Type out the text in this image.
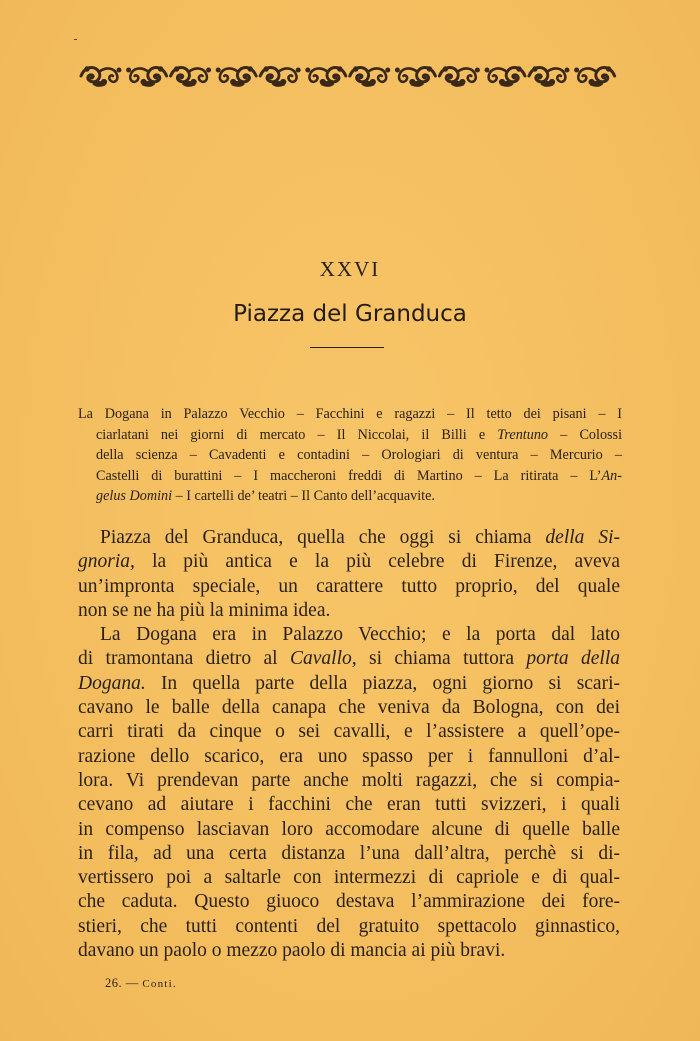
XXVI
Piazza del Granduca
La Dogana in Palazzo Vecchio – Facchini e ragazzi – Il tetto dei pisani – I
ciarlatani nei giorni di mercato – Il Niccolai, il Billi e Trentuno – Colossi
della scienza – Cavadenti e contadini – Orologiari di ventura – Mercurio –
Castelli di burattini – I maccheroni freddi di Martino – La ritirata – L’An-
gelus Domini – I cartelli de’ teatri – Il Canto dell’acquavite.
Piazza del Granduca, quella che oggi si chiama della Si-
gnoria, la più antica e la più celebre di Firenze, aveva
un’impronta speciale, un carattere tutto proprio, del quale
non se ne ha più la minima idea.
La Dogana era in Palazzo Vecchio; e la porta dal lato
di tramontana dietro al Cavallo, si chiama tuttora porta della
Dogana. In quella parte della piazza, ogni giorno si scari-
cavano le balle della canapa che veniva da Bologna, con dei
carri tirati da cinque o sei cavalli, e l’assistere a quell’ope-
razione dello scarico, era uno spasso per i fannulloni d’al-
lora. Vi prendevan parte anche molti ragazzi, che si compia-
cevano ad aiutare i facchini che eran tutti svizzeri, i quali
in compenso lasciavan loro accomodare alcune di quelle balle
in fila, ad una certa distanza l’una dall’altra, perchè si di-
vertissero poi a saltarle con intermezzi di capriole e di qual-
che caduta. Questo giuoco destava l’ammirazione dei fore-
stieri, che tutti contenti del gratuito spettacolo ginnastico,
davano un paolo o mezzo paolo di mancia ai più bravi.
26. — Conti.
